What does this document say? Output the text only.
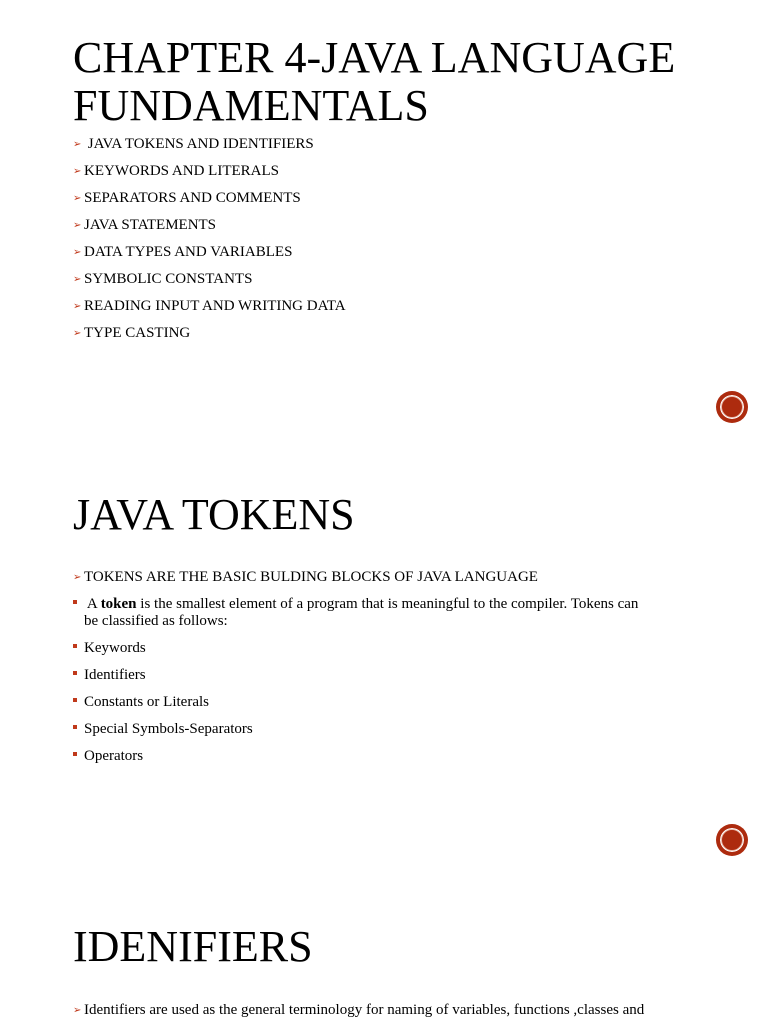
CHAPTER 4-JAVA LANGUAGE
FUNDAMENTALS
➢ JAVA TOKENS AND IDENTIFIERS
➢ KEYWORDS AND LITERALS
➢ SEPARATORS AND COMMENTS
➢ JAVA STATEMENTS
➢ DATA TYPES AND VARIABLES
➢ SYMBOLIC CONSTANTS
➢ READING INPUT AND WRITING DATA
➢ TYPE CASTING
JAVA TOKENS
➢ TOKENS ARE THE BASIC BULDING BLOCKS OF JAVA LANGUAGE
A token is the smallest element of a program that is meaningful to the compiler. Tokens can
be classified as follows:
Keywords
Identifiers
Constants or Literals
Special Symbols-Separators
Operators
IDENIFIERS
➢ Identifiers are used as the general terminology for naming of variables, functions ,classes and
